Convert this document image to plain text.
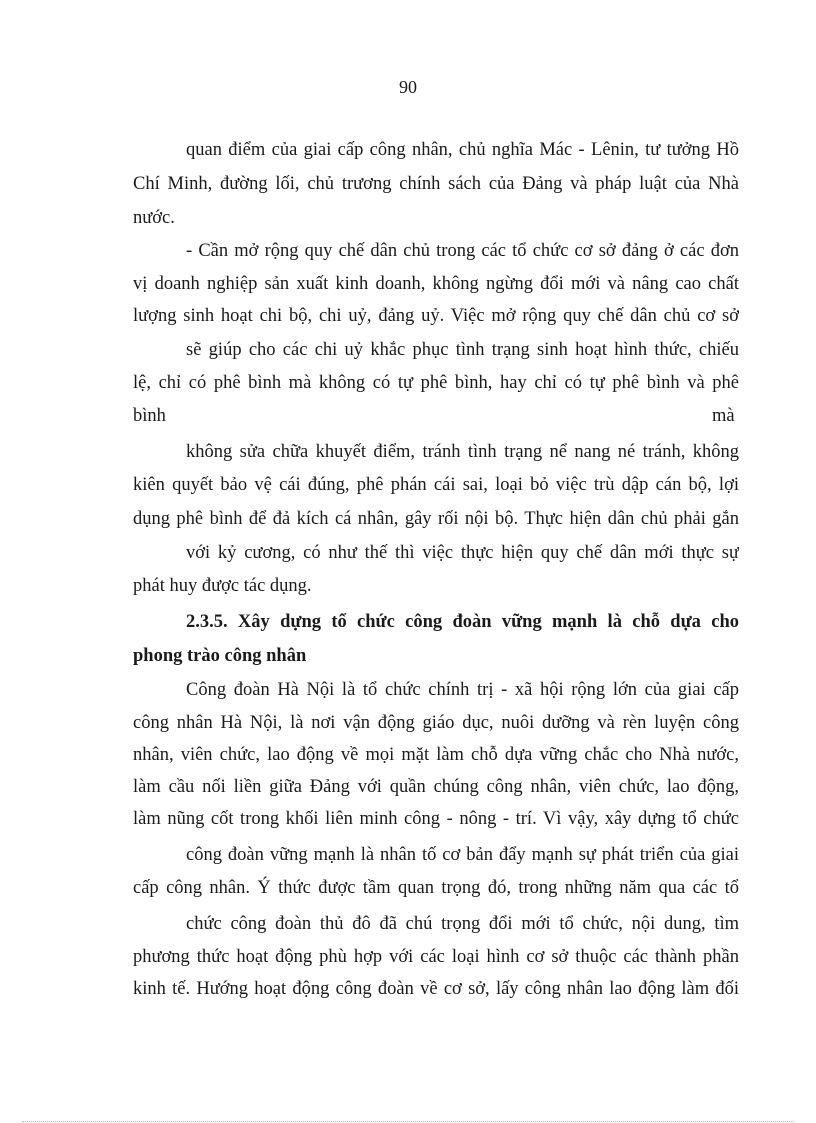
90
quan điểm của giai cấp công nhân, chủ nghĩa Mác - Lênin, tư tưởng Hồ
Chí Minh, đường lối, chủ trương chính sách của Đảng và pháp luật của Nhà
nước.
- Cần mở rộng quy chế dân chủ trong các tổ chức cơ sở đảng ở các đơn
vị doanh nghiệp sản xuất kinh doanh, không ngừng đổi mới và nâng cao chất
lượng sinh hoạt chi bộ, chi uỷ, đảng uỷ. Việc mở rộng quy chế dân chủ cơ sở
sẽ giúp cho các chi uỷ khắc phục tình trạng sinh hoạt hình thức, chiếu
lệ, chỉ có phê bình mà không có tự phê bình, hay chỉ có tự phê bình và phê
bình	mà
không sửa chữa khuyết điểm, tránh tình trạng nể nang né tránh, không
kiên quyết bảo vệ cái đúng, phê phán cái sai, loại bỏ việc trù dập cán bộ, lợi
dụng phê bình để đả kích cá nhân, gây rối nội bộ. Thực hiện dân chủ phải gắn
với kỷ cương, có như thế thì việc thực hiện quy chế dân mới thực sự
phát huy được tác dụng.
2.3.5. Xây dựng tổ chức công đoàn vững mạnh là chỗ dựa cho
phong trào công nhân
Công đoàn Hà Nội là tổ chức chính trị - xã hội rộng lớn của giai cấp
công nhân Hà Nội, là nơi vận động giáo dục, nuôi dưỡng và rèn luyện công
nhân, viên chức, lao động về mọi mặt làm chỗ dựa vững chắc cho Nhà nước,
làm cầu nối liền giữa Đảng với quần chúng công nhân, viên chức, lao động,
làm nũng cốt trong khối liên minh công - nông - trí. Vì vậy, xây dựng tổ chức
công đoàn vững mạnh là nhân tố cơ bản đẩy mạnh sự phát triển của giai
cấp công nhân. Ý thức được tầm quan trọng đó, trong những năm qua các tổ
chức công đoàn thủ đô đã chú trọng đổi mới tổ chức, nội dung, tìm
phương thức hoạt động phù hợp với các loại hình cơ sở thuộc các thành phần
kinh tế. Hướng hoạt động công đoàn về cơ sở, lấy công nhân lao động làm đối
